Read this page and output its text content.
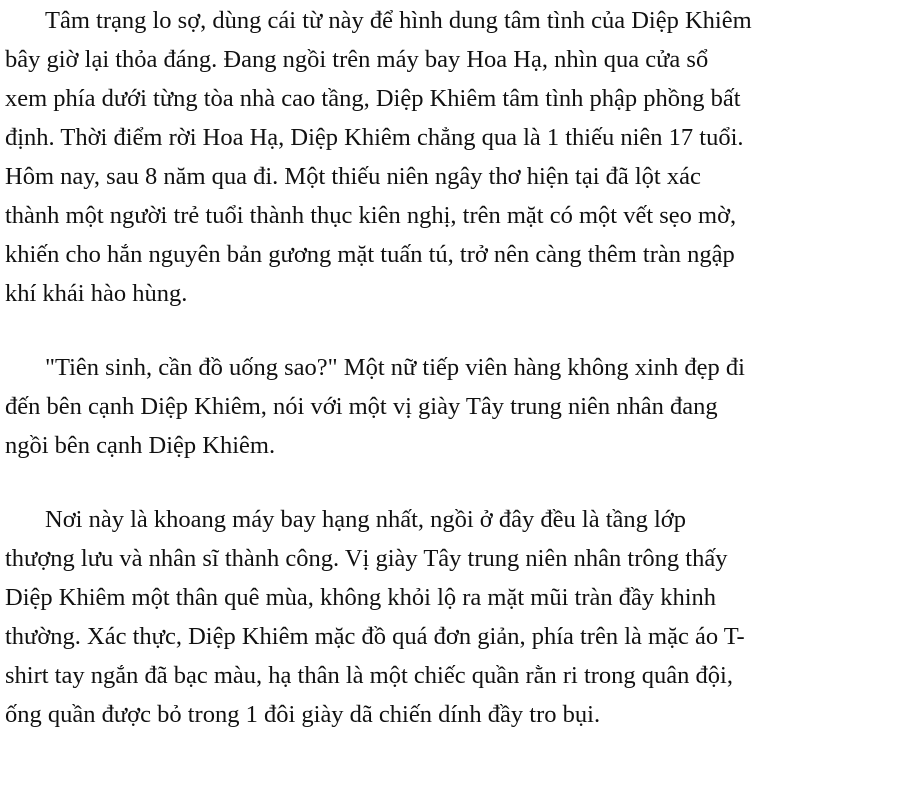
Tâm trạng lo sợ, dùng cái từ này để hình dung tâm tình của Diệp Khiêm
bây giờ lại thỏa đáng. Đang ngồi trên máy bay Hoa Hạ, nhìn qua cửa sổ
xem phía dưới từng tòa nhà cao tầng, Diệp Khiêm tâm tình phập phồng bất
định. Thời điểm rời Hoa Hạ, Diệp Khiêm chẳng qua là 1 thiếu niên 17 tuổi.
Hôm nay, sau 8 năm qua đi. Một thiếu niên ngây thơ hiện tại đã lột xác
thành một người trẻ tuổi thành thục kiên nghị, trên mặt có một vết sẹo mờ,
khiến cho hắn nguyên bản gương mặt tuấn tú, trở nên càng thêm tràn ngập
khí khái hào hùng.
"Tiên sinh, cần đồ uống sao?" Một nữ tiếp viên hàng không xinh đẹp đi
đến bên cạnh Diệp Khiêm, nói với một vị giày Tây trung niên nhân đang
ngồi bên cạnh Diệp Khiêm.
Nơi này là khoang máy bay hạng nhất, ngồi ở đây đều là tầng lớp
thượng lưu và nhân sĩ thành công. Vị giày Tây trung niên nhân trông thấy
Diệp Khiêm một thân quê mùa, không khỏi lộ ra mặt mũi tràn đầy khinh
thường. Xác thực, Diệp Khiêm mặc đồ quá đơn giản, phía trên là mặc áo T-
shirt tay ngắn đã bạc màu, hạ thân là một chiếc quần rằn ri trong quân đội,
ống quần được bỏ trong 1 đôi giày dã chiến dính đầy tro bụi.
